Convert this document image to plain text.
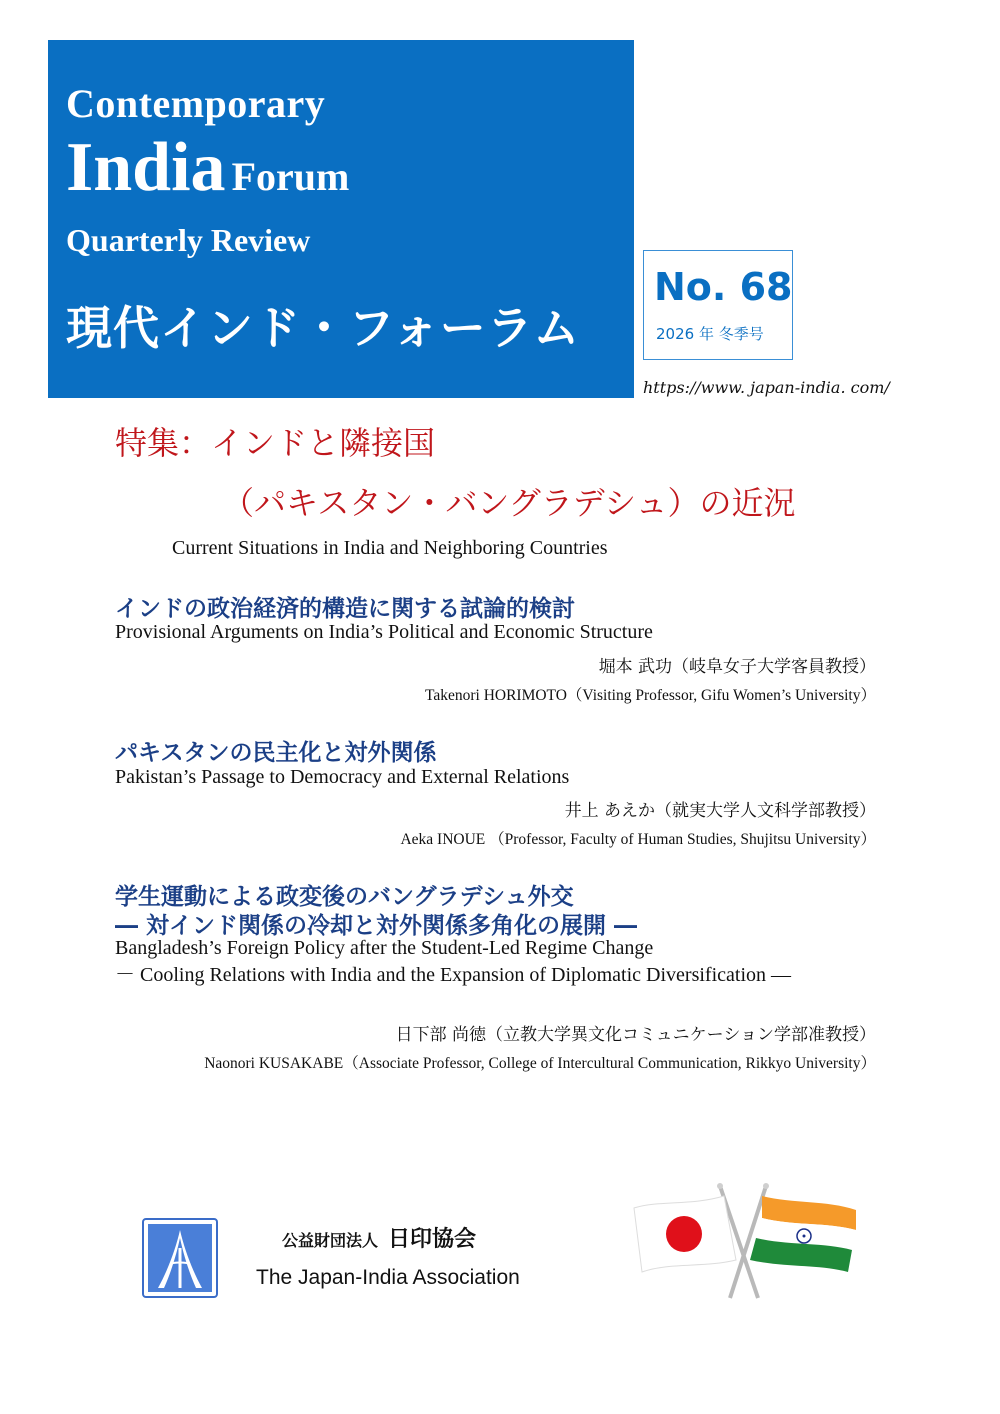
Contemporary
India Forum
Quarterly Review
現代インド・フォーラム
No. 68
2026 年 冬季号
https://www. japan-india. com/
特集：インドと隣接国
（パキスタン・バングラデシュ）の近況
Current Situations in India and Neighboring Countries
インドの政治経済的構造に関する試論的検討
Provisional Arguments on India’s Political and Economic Structure
堀本 武功（岐阜女子大学客員教授）
Takenori HORIMOTO（Visiting Professor, Gifu Women’s University）
パキスタンの民主化と対外関係
Pakistan’s Passage to Democracy and External Relations
井上 あえか（就実大学人文科学部教授）
Aeka INOUE （Professor, Faculty of Human Studies, Shujitsu University）
学生運動による政変後のバングラデシュ外交
― 対インド関係の冷却と対外関係多角化の展開 ―
Bangladesh’s Foreign Policy after the Student-Led Regime Change
－ Cooling Relations with India and the Expansion of Diplomatic Diversification ―
日下部 尚徳（立教大学異文化コミュニケーション学部准教授）
Naonori KUSAKABE（Associate Professor, College of Intercultural Communication, Rikkyo University）
公益財団法人 日印協会
The Japan-India Association
